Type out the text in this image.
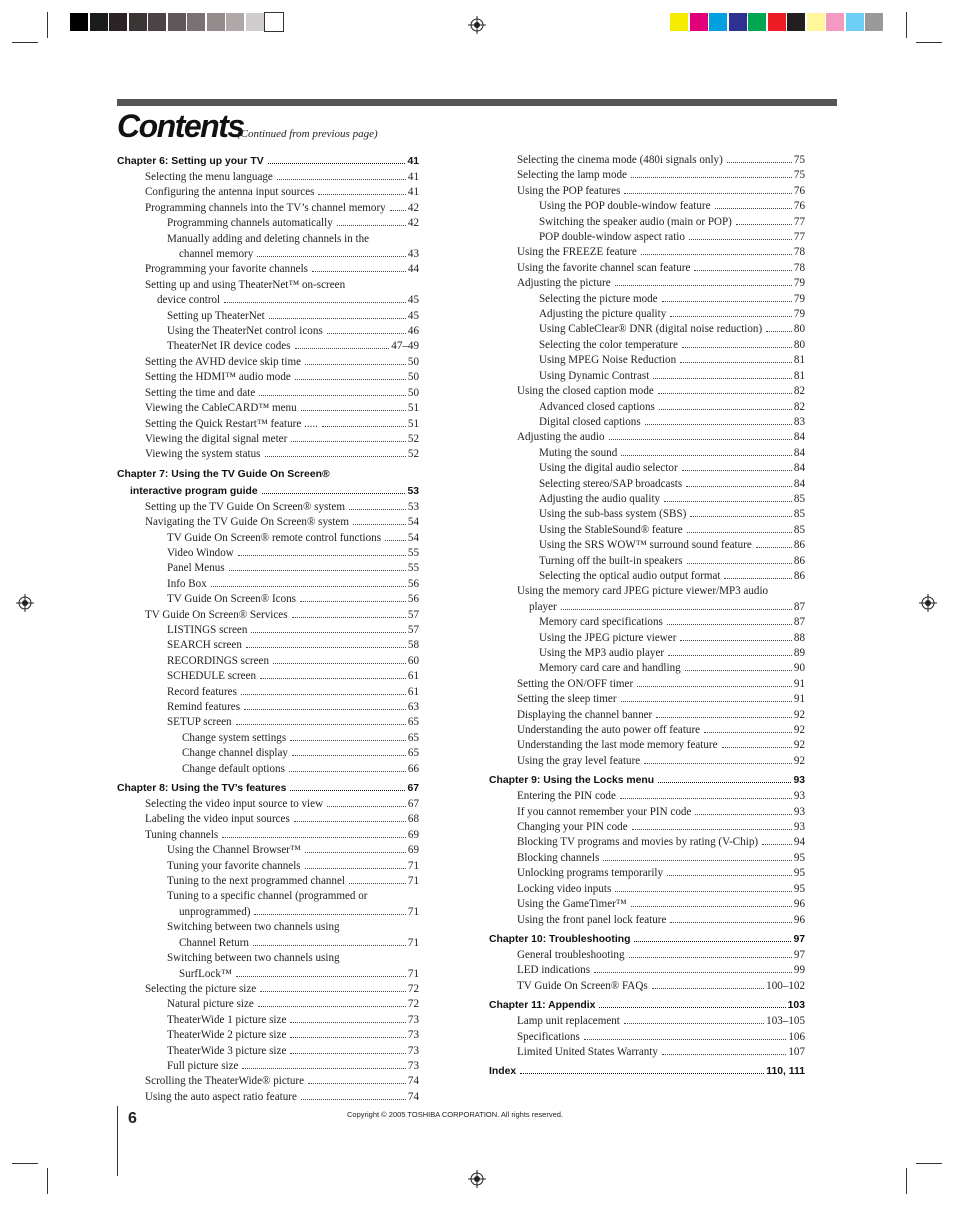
Contents
(Continued from previous page)
Chapter 6: Setting up your TV	41
Selecting the menu language	41
Configuring the antenna input sources	41
Programming channels into the TV’s channel memory 42
Programming channels automatically	42
Manually adding and deleting channels in the
channel memory	43
Programming your favorite channels	44
Setting up and using TheaterNet™ on-screen
device control	45
Setting up TheaterNet	45
Using the TheaterNet control icons	46
TheaterNet IR device codes	47–49
Setting the AVHD device skip time	50
Setting the HDMI™ audio mode	50
Setting the time and date	50
Viewing the CableCARD™ menu	51
Setting the Quick Restart™ feature .....	51
Viewing the digital signal meter	52
Viewing the system status	52
Chapter 7: Using the TV Guide On Screen®
interactive program guide	53
Setting up the TV Guide On Screen® system	53
Navigating the TV Guide On Screen® system	54
TV Guide On Screen® remote control functions 54
Video Window	55
Panel Menus	55
Info Box	56
TV Guide On Screen® Icons	56
TV Guide On Screen® Services	57
LISTINGS screen	57
SEARCH screen	58
RECORDINGS screen	60
SCHEDULE screen	61
Record features	61
Remind features	63
SETUP screen	65
Change system settings	65
Change channel display	65
Change default options	66
Chapter 8: Using the TV’s features	67
Selecting the video input source to view	67
Labeling the video input sources	68
Tuning channels	69
Using the Channel Browser™	69
Tuning your favorite channels	71
Tuning to the next programmed channel	71
Tuning to a specific channel (programmed or
unprogrammed)	71
Switching between two channels using
Channel Return	71
Switching between two channels using
SurfLock™	71
Selecting the picture size	72
Natural picture size	72
TheaterWide 1 picture size	73
TheaterWide 2 picture size	73
TheaterWide 3 picture size	73
Full picture size	73
Scrolling the TheaterWide® picture	74
Using the auto aspect ratio feature	74
Selecting the cinema mode (480i signals only)	75
Selecting the lamp mode	75
Using the POP features	76
Using the POP double-window feature	76
Switching the speaker audio (main or POP)	77
POP double-window aspect ratio	77
Using the FREEZE feature	78
Using the favorite channel scan feature	78
Adjusting the picture	79
Selecting the picture mode	79
Adjusting the picture quality	79
Using CableClear® DNR (digital noise reduction)	80
Selecting the color temperature	80
Using MPEG Noise Reduction	81
Using Dynamic Contrast	81
Using the closed caption mode	82
Advanced closed captions	82
Digital closed captions	83
Adjusting the audio	84
Muting the sound	84
Using the digital audio selector	84
Selecting stereo/SAP broadcasts	84
Adjusting the audio quality	85
Using the sub-bass system (SBS)	85
Using the StableSound® feature	85
Using the SRS WOW™ surround sound feature	86
Turning off the built-in speakers	86
Selecting the optical audio output format	86
Using the memory card JPEG picture viewer/MP3 audio
player	87
Memory card specifications	87
Using the JPEG picture viewer	88
Using the MP3 audio player	89
Memory card care and handling	90
Setting the ON/OFF timer	91
Setting the sleep timer	91
Displaying the channel banner	92
Understanding the auto power off feature	92
Understanding the last mode memory feature	92
Using the gray level feature	92
Chapter 9: Using the Locks menu	93
Entering the PIN code	93
If you cannot remember your PIN code	93
Changing your PIN code	93
Blocking TV programs and movies by rating (V-Chip)	94
Blocking channels	95
Unlocking programs temporarily	95
Locking video inputs	95
Using the GameTimer™	96
Using the front panel lock feature	96
Chapter 10: Troubleshooting	97
General troubleshooting	97
LED indications	99
TV Guide On Screen® FAQs	100–102
Chapter 11: Appendix	103
Lamp unit replacement	103–105
Specifications	106
Limited United States Warranty	107
Index	110, 111
6	Copyright © 2005 TOSHIBA CORPORATION. All rights reserved.
